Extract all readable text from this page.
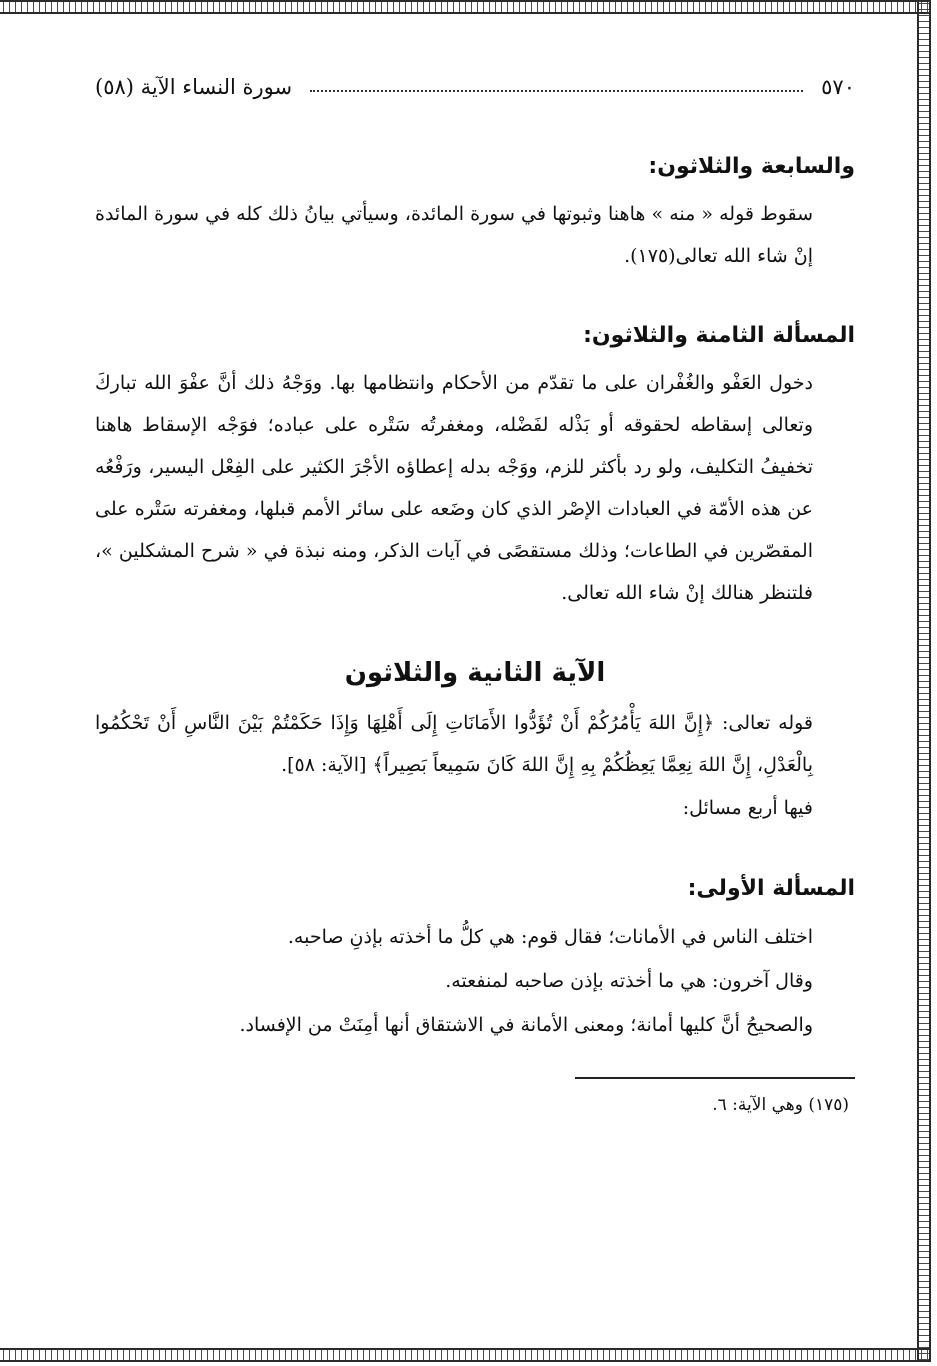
٥٧٠
سورة النساء الآية (٥٨)
والسابعة والثلاثون:

سقوط قوله « منه » هاهنا وثبوتها في سورة المائدة، وسيأتي بيانُ ذلك كله في سورة المائدة إنْ شاء الله تعالى(١٧٥).

المسألة الثامنة والثلاثون:

دخول العَفْو والغُفْران على ما تقدّم من الأحكام وانتظامها بها. ووَجْهُ ذلك أنَّ عفْوَ الله تباركَ وتعالى إسقاطه لحقوقه أو بَذْله لفَضْله، ومغفرتُه سَتْره على عباده؛ فوَجْه الإسقاط هاهنا تخفيفُ التكليف، ولو رد بأكثر للزم، ووَجْه بدله إعطاؤه الأجْرَ الكثير على الفِعْل اليسير، ورَفْعُه عن هذه الأمّة في العبادات الإصْر الذي كان وضَعه على سائر الأمم قبلها، ومغفرته سَتْره على المقصّرين في الطاعات؛ وذلك مستقصًى في آيات الذكر، ومنه نبذة في « شرح المشكلين »، فلتنظر هنالك إنْ شاء الله تعالى.

الآية الثانية والثلاثون

قوله تعالى: ﴿إِنَّ اللهَ يَأْمُرُكُمْ أَنْ تُؤَدُّوا الأَمَانَاتِ إِلَى أَهْلِهَا وَإِذَا حَكَمْتُمْ بَيْنَ النَّاسِ أَنْ تَحْكُمُوا بِالْعَدْلِ، إِنَّ اللهَ نِعِمَّا يَعِظُكُمْ بِهِ إِنَّ اللهَ كَانَ سَمِيعاً بَصِيراً﴾ [الآية: ٥٨].

فيها أربع مسائل:

المسألة الأولى:

اختلف الناس في الأمانات؛ فقال قوم: هي كلُّ ما أخذته بإذنِ صاحبه.

وقال آخرون: هي ما أخذته بإذن صاحبه لمنفعته.

والصحيحُ أنَّ كليها أمانة؛ ومعنى الأمانة في الاشتقاق أنها أمِنَتْ من الإفساد.

(١٧٥) وهي الآية: ٦.
